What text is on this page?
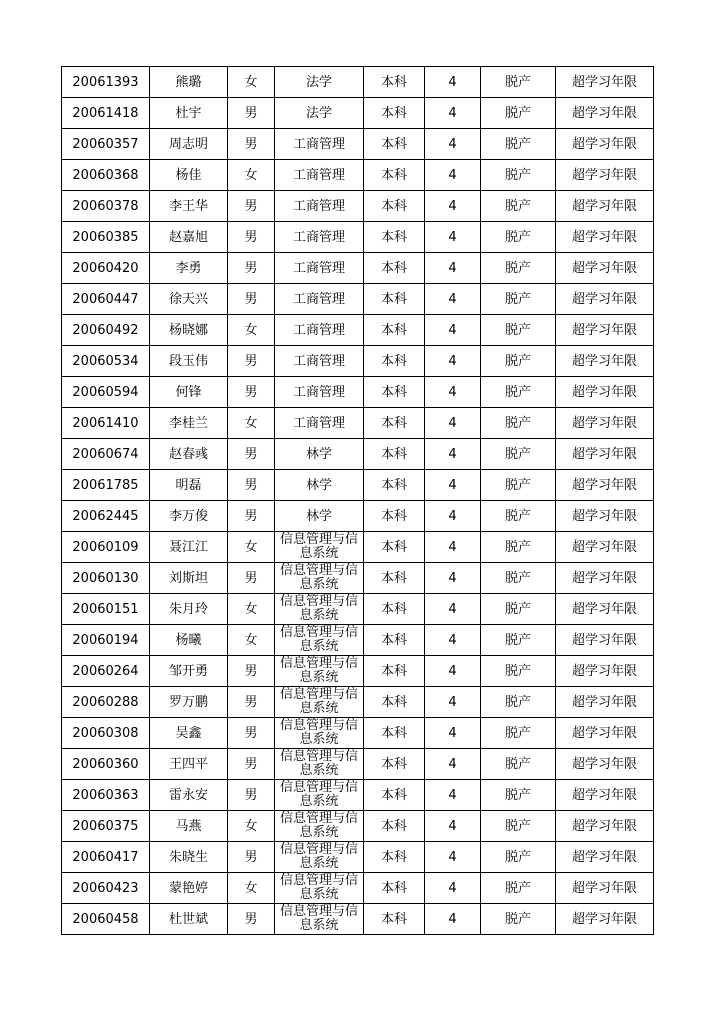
20061393	熊璐	女	法学	本科	4	脱产	超学习年限
20061418	杜宇	男	法学	本科	4	脱产	超学习年限
20060357	周志明	男	工商管理	本科	4	脱产	超学习年限
20060368	杨佳	女	工商管理	本科	4	脱产	超学习年限
20060378	李王华	男	工商管理	本科	4	脱产	超学习年限
20060385	赵嘉旭	男	工商管理	本科	4	脱产	超学习年限
20060420	李勇	男	工商管理	本科	4	脱产	超学习年限
20060447	徐天兴	男	工商管理	本科	4	脱产	超学习年限
20060492	杨晓娜	女	工商管理	本科	4	脱产	超学习年限
20060534	段玉伟	男	工商管理	本科	4	脱产	超学习年限
20060594	何锋	男	工商管理	本科	4	脱产	超学习年限
20061410	李桂兰	女	工商管理	本科	4	脱产	超学习年限
20060674	赵春彧	男	林学	本科	4	脱产	超学习年限
20061785	明磊	男	林学	本科	4	脱产	超学习年限
20062445	李万俊	男	林学	本科	4	脱产	超学习年限
20060109	聂江江	女	信息管理与信息系统	本科	4	脱产	超学习年限
20060130	刘斯坦	男	信息管理与信息系统	本科	4	脱产	超学习年限
20060151	朱月玲	女	信息管理与信息系统	本科	4	脱产	超学习年限
20060194	杨曦	女	信息管理与信息系统	本科	4	脱产	超学习年限
20060264	邹开勇	男	信息管理与信息系统	本科	4	脱产	超学习年限
20060288	罗万鹏	男	信息管理与信息系统	本科	4	脱产	超学习年限
20060308	吴鑫	男	信息管理与信息系统	本科	4	脱产	超学习年限
20060360	王四平	男	信息管理与信息系统	本科	4	脱产	超学习年限
20060363	雷永安	男	信息管理与信息系统	本科	4	脱产	超学习年限
20060375	马燕	女	信息管理与信息系统	本科	4	脱产	超学习年限
20060417	朱晓生	男	信息管理与信息系统	本科	4	脱产	超学习年限
20060423	蒙艳婷	女	信息管理与信息系统	本科	4	脱产	超学习年限
20060458	杜世斌	男	信息管理与信息系统	本科	4	脱产	超学习年限
